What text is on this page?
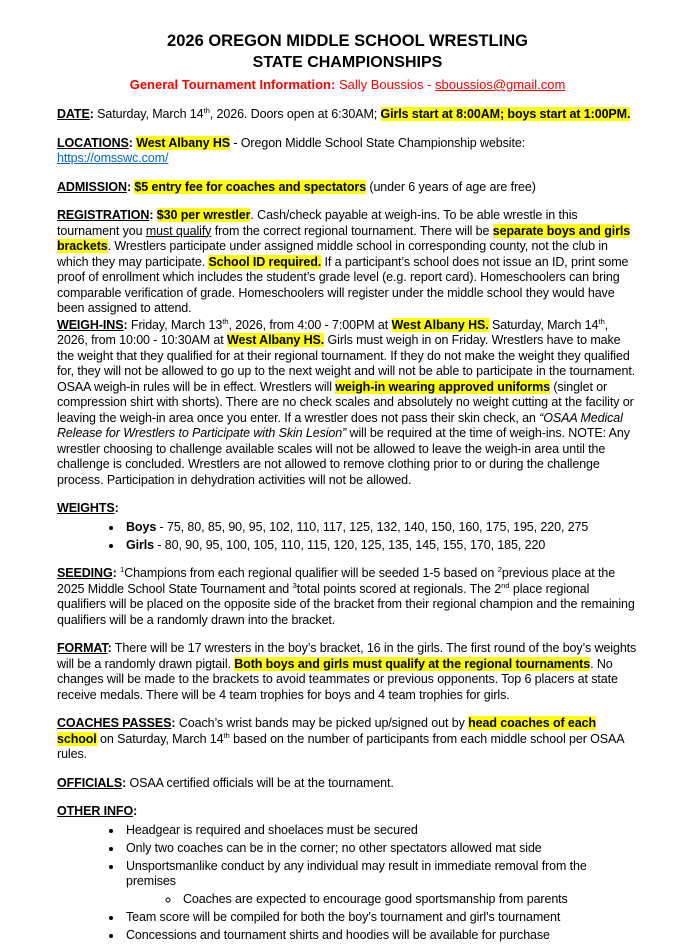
2026 OREGON MIDDLE SCHOOL WRESTLING
STATE CHAMPIONSHIPS
General Tournament Information: Sally Boussios - sboussios@gmail.com

DATE: Saturday, March 14th, 2026. Doors open at 6:30AM; Girls start at 8:00AM; boys start at 1:00PM.

LOCATIONS: West Albany HS - Oregon Middle School State Championship website: https://omsswc.com/

ADMISSION: $5 entry fee for coaches and spectators (under 6 years of age are free)

REGISTRATION: $30 per wrestler. Cash/check payable at weigh-ins. To be able wrestle in this tournament you must qualify from the correct regional tournament. There will be separate boys and girls brackets. Wrestlers participate under assigned middle school in corresponding county, not the club in which they may participate. School ID required. If a participant’s school does not issue an ID, print some proof of enrollment which includes the student’s grade level (e.g. report card). Homeschoolers can bring comparable verification of grade. Homeschoolers will register under the middle school they would have been assigned to attend.

WEIGH-INS: Friday, March 13th, 2026, from 4:00 - 7:00PM at West Albany HS. Saturday, March 14th, 2026, from 10:00 - 10:30AM at West Albany HS. Girls must weigh in on Friday. Wrestlers have to make the weight that they qualified for at their regional tournament. If they do not make the weight they qualified for, they will not be allowed to go up to the next weight and will not be able to participate in the tournament. OSAA weigh-in rules will be in effect. Wrestlers will weigh-in wearing approved uniforms (singlet or compression shirt with shorts). There are no check scales and absolutely no weight cutting at the facility or leaving the weigh-in area once you enter. If a wrestler does not pass their skin check, an “OSAA Medical Release for Wrestlers to Participate with Skin Lesion” will be required at the time of weigh-ins. NOTE: Any wrestler choosing to challenge available scales will not be allowed to leave the weigh-in area until the challenge is concluded. Wrestlers are not allowed to remove clothing prior to or during the challenge process. Participation in dehydration activities will not be allowed.

WEIGHTS:

• Boys - 75, 80, 85, 90, 95, 102, 110, 117, 125, 132, 140, 150, 160, 175, 195, 220, 275
• Girls - 80, 90, 95, 100, 105, 110, 115, 120, 125, 135, 145, 155, 170, 185, 220

SEEDING: $^1$Champions from each regional qualifier will be seeded 1-5 based on $^2$previous place at the 2025 Middle School State Tournament and $^3$total points scored at regionals. The 2nd place regional qualifiers will be placed on the opposite side of the bracket from their regional champion and the remaining qualifiers will be a randomly drawn into the bracket.

FORMAT: There will be 17 wresters in the boy’s bracket, 16 in the girls. The first round of the boy’s weights will be a randomly drawn pigtail. Both boys and girls must qualify at the regional tournaments. No changes will be made to the brackets to avoid teammates or previous opponents. Top 6 placers at state receive medals. There will be 4 team trophies for boys and 4 team trophies for girls.

COACHES PASSES: Coach’s wrist bands may be picked up/signed out by head coaches of each school on Saturday, March 14th based on the number of participants from each middle school per OSAA rules.

OFFICIALS: OSAA certified officials will be at the tournament.

OTHER INFO:

• Headgear is required and shoelaces must be secured
• Only two coaches can be in the corner; no other spectators allowed mat side
• Unsportsmanlike conduct by any individual may result in immediate removal from the premises
◦ Coaches are expected to encourage good sportsmanship from parents
• Team score will be compiled for both the boy’s tournament and girl’s tournament
• Concessions and tournament shirts and hoodies will be available for purchase
